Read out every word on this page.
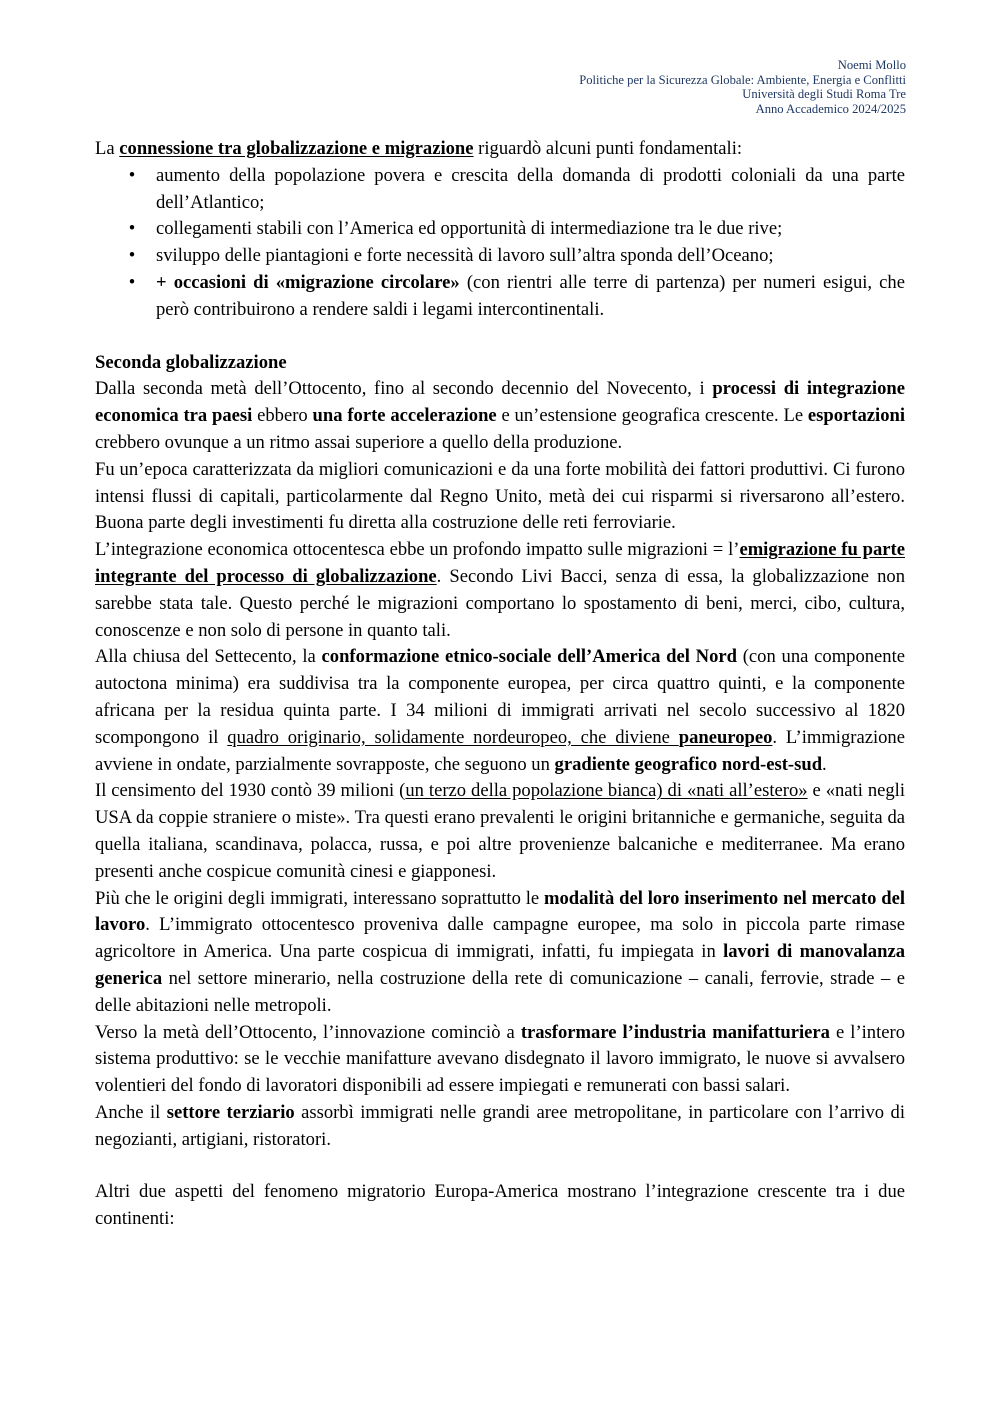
Noemi Mollo
Politiche per la Sicurezza Globale: Ambiente, Energia e Conflitti
Università degli Studi Roma Tre
Anno Accademico 2024/2025

La connessione tra globalizzazione e migrazione riguardò alcuni punti fondamentali:

• aumento della popolazione povera e crescita della domanda di prodotti coloniali da una parte dell’Atlantico;
• collegamenti stabili con l’America ed opportunità di intermediazione tra le due rive;
• sviluppo delle piantagioni e forte necessità di lavoro sull’altra sponda dell’Oceano;
• + occasioni di «migrazione circolare» (con rientri alle terre di partenza) per numeri esigui, che però contribuirono a rendere saldi i legami intercontinentali.

Seconda globalizzazione

Dalla seconda metà dell’Ottocento, fino al secondo decennio del Novecento, i processi di integrazione economica tra paesi ebbero una forte accelerazione e un’estensione geografica crescente. Le esportazioni crebbero ovunque a un ritmo assai superiore a quello della produzione.

Fu un’epoca caratterizzata da migliori comunicazioni e da una forte mobilità dei fattori produttivi. Ci furono intensi flussi di capitali, particolarmente dal Regno Unito, metà dei cui risparmi si riversarono all’estero. Buona parte degli investimenti fu diretta alla costruzione delle reti ferroviarie.

L’integrazione economica ottocentesca ebbe un profondo impatto sulle migrazioni = l’emigrazione fu parte integrante del processo di globalizzazione. Secondo Livi Bacci, senza di essa, la globalizzazione non sarebbe stata tale. Questo perché le migrazioni comportano lo spostamento di beni, merci, cibo, cultura, conoscenze e non solo di persone in quanto tali.

Alla chiusa del Settecento, la conformazione etnico-sociale dell’America del Nord (con una componente autoctona minima) era suddivisa tra la componente europea, per circa quattro quinti, e la componente africana per la residua quinta parte. I 34 milioni di immigrati arrivati nel secolo successivo al 1820 scompongono il quadro originario, solidamente nordeuropeo, che diviene paneuropeo. L’immigrazione avviene in ondate, parzialmente sovrapposte, che seguono un gradiente geografico nord-est-sud.

Il censimento del 1930 contò 39 milioni (un terzo della popolazione bianca) di «nati all’estero» e «nati negli USA da coppie straniere o miste». Tra questi erano prevalenti le origini britanniche e germaniche, seguita da quella italiana, scandinava, polacca, russa, e poi altre provenienze balcaniche e mediterranee. Ma erano presenti anche cospicue comunità cinesi e giapponesi.

Più che le origini degli immigrati, interessano soprattutto le modalità del loro inserimento nel mercato del lavoro. L’immigrato ottocentesco proveniva dalle campagne europee, ma solo in piccola parte rimase agricoltore in America. Una parte cospicua di immigrati, infatti, fu impiegata in lavori di manovalanza generica nel settore minerario, nella costruzione della rete di comunicazione – canali, ferrovie, strade – e delle abitazioni nelle metropoli.

Verso la metà dell’Ottocento, l’innovazione cominciò a trasformare l’industria manifatturiera e l’intero sistema produttivo: se le vecchie manifatture avevano disdegnato il lavoro immigrato, le nuove si avvalsero volentieri del fondo di lavoratori disponibili ad essere impiegati e remunerati con bassi salari.

Anche il settore terziario assorbì immigrati nelle grandi aree metropolitane, in particolare con l’arrivo di negozianti, artigiani, ristoratori.

Altri due aspetti del fenomeno migratorio Europa-America mostrano l’integrazione crescente tra i due continenti:
